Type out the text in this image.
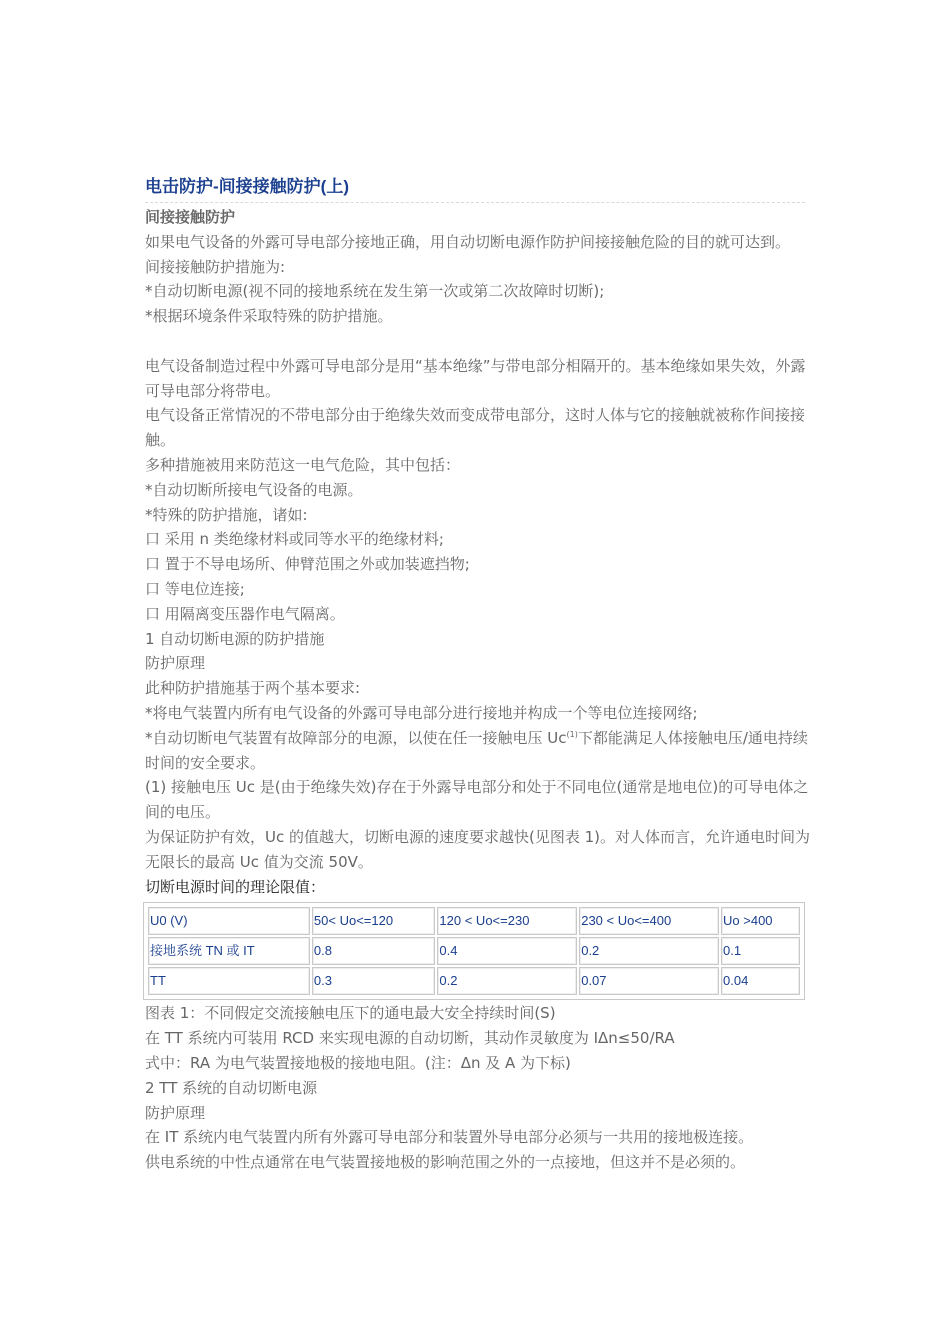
电击防护-间接接触防护(上)

间接接触防护

如果电气设备的外露可导电部分接地正确，用自动切断电源作防护间接接触危险的目的就可达到。

间接接触防护措施为:

*自动切断电源(视不同的接地系统在发生第一次或第二次故障时切断);

*根据环境条件采取特殊的防护措施。

电气设备制造过程中外露可导电部分是用“基本绝缘”与带电部分相隔开的。基本绝缘如果失效，外露可导电部分将带电。

电气设备正常情况的不带电部分由于绝缘失效而变成带电部分，这时人体与它的接触就被称作间接接触。

多种措施被用来防范这一电气危险，其中包括：

*自动切断所接电气设备的电源。

*特殊的防护措施，诸如:

口 采用 n 类绝缘材料或同等水平的绝缘材料;

口 置于不导电场所、伸臂范围之外或加装遮挡物;

口 等电位连接;

口 用隔离变压器作电气隔离。

1 自动切断电源的防护措施

防护原理

此种防护措施基于两个基本要求:

*将电气装置内所有电气设备的外露可导电部分进行接地并构成一个等电位连接网络;

*自动切断电气装置有故障部分的电源，以使在任一接触电压 Uc$^{(1)}$下都能满足人体接触电压/通电持续时间的安全要求。

(1) 接触电压 Uc 是(由于绝缘失效)存在于外露导电部分和处于不同电位(通常是地电位)的可导电体之间的电压。

为保证防护有效，Uc 的值越大，切断电源的速度要求越快(见图表 1)。对人体而言，允许通电时间为无限长的最高 Uc 值为交流 50V。

切断电源时间的理论限值：

U0 (V)	50< Uo<=120	120 < Uo<=230	230 < Uo<=400	Uo >400
接地系统 TN 或 IT	0.8	0.4	0.2	0.1
TT	0.3	0.2	0.07	0.04

图表 1：不同假定交流接触电压下的通电最大安全持续时间(S)

在 TT 系统内可装用 RCD 来实现电源的自动切断，其动作灵敏度为 IΔn≤50/RA

式中：RA 为电气装置接地极的接地电阻。(注：Δn 及 A 为下标)

2 TT 系统的自动切断电源

防护原理

在 IT 系统内电气装置内所有外露可导电部分和装置外导电部分必须与一共用的接地极连接。

供电系统的中性点通常在电气装置接地极的影响范围之外的一点接地，但这并不是必须的。
